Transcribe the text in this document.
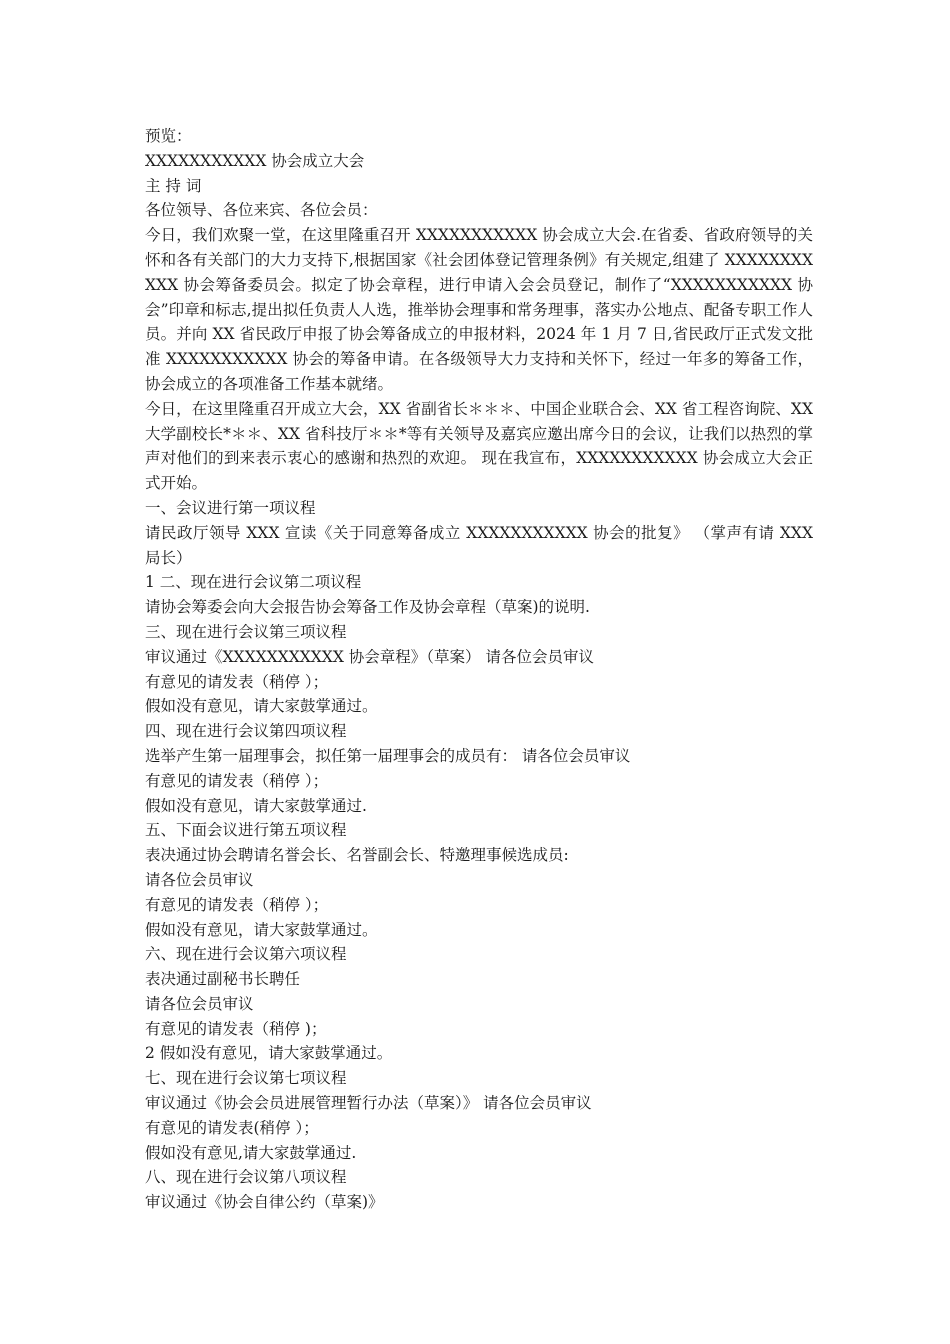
预览：

XXXXXXXXXXX 协会成立大会

主 持 词

各位领导、各位来宾、各位会员：

今日，我们欢聚一堂，在这里隆重召开 XXXXXXXXXXX 协会成立大会.在省委、省政府领导的关怀和各有关部门的大力支持下,根据国家《社会团体登记管理条例》有关规定,组建了 XXXXXXXXXXX 协会筹备委员会。拟定了协会章程，进行申请入会会员登记，制作了“XXXXXXXXXXX 协会”印章和标志,提出拟任负责人人选，推举协会理事和常务理事，落实办公地点、配备专职工作人员。并向 XX 省民政厅申报了协会筹备成立的申报材料，2024 年 1 月 7 日,省民政厅正式发文批准 XXXXXXXXXXX 协会的筹备申请。在各级领导大力支持和关怀下，经过一年多的筹备工作，协会成立的各项准备工作基本就绪。

今日，在这里隆重召开成立大会，XX 省副省长＊＊＊、中国企业联合会、XX 省工程咨询院、XX 大学副校长*＊＊、XX 省科技厅＊＊*等有关领导及嘉宾应邀出席今日的会议，让我们以热烈的掌声对他们的到来表示衷心的感谢和热烈的欢迎。 现在我宣布，XXXXXXXXXXX 协会成立大会正式开始。

一、会议进行第一项议程

请民政厅领导 XXX 宣读《关于同意筹备成立 XXXXXXXXXXX 协会的批复》 （掌声有请 XXX 局长）

1 二、现在进行会议第二项议程

请协会筹委会向大会报告协会筹备工作及协会章程（草案)的说明.

三、现在进行会议第三项议程

审议通过《XXXXXXXXXXX 协会章程》（草案） 请各位会员审议

有意见的请发表（稍停 ）；

假如没有意见，请大家鼓掌通过。

四、现在进行会议第四项议程

选举产生第一届理事会，拟任第一届理事会的成员有： 请各位会员审议

有意见的请发表（稍停 ）；

假如没有意见，请大家鼓掌通过.

五、下面会议进行第五项议程

表决通过协会聘请名誉会长、名誉副会长、特邀理事候选成员:

请各位会员审议

有意见的请发表（稍停 ）；

假如没有意见，请大家鼓掌通过。

六、现在进行会议第六项议程

表决通过副秘书长聘任

请各位会员审议

有意见的请发表（稍停 )；

2 假如没有意见，请大家鼓掌通过。

七、现在进行会议第七项议程

审议通过《协会会员进展管理暂行办法（草案）》 请各位会员审议

有意见的请发表(稍停 ）；

假如没有意见,请大家鼓掌通过.

八、现在进行会议第八项议程

审议通过《协会自律公约（草案)》
